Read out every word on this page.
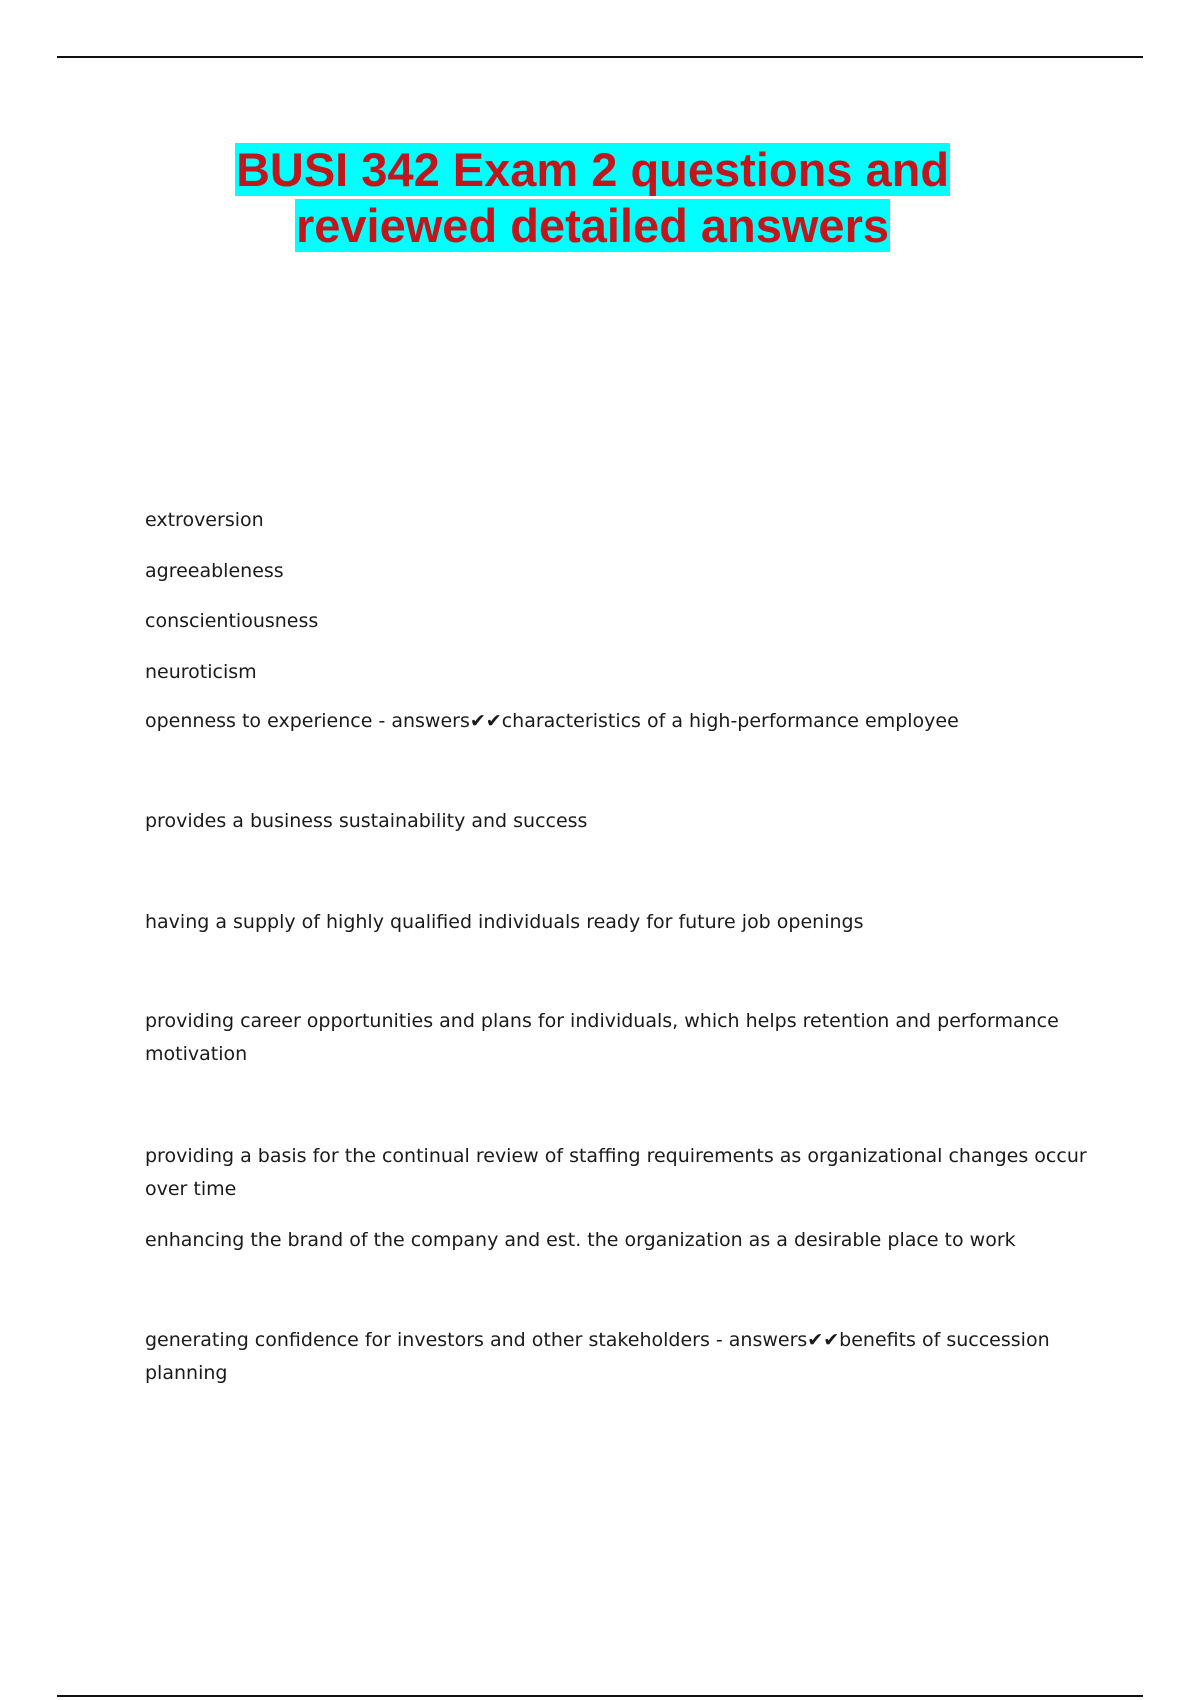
BUSI 342 Exam 2 questions and
reviewed detailed answers
extroversion
agreeableness
conscientiousness
neuroticism
openness to experience - answers✔✔characteristics of a high-performance employee
provides a business sustainability and success
having a supply of highly qualified individuals ready for future job openings
providing career opportunities and plans for individuals, which helps retention and performance motivation
providing a basis for the continual review of staffing requirements as organizational changes occur over time
enhancing the brand of the company and est. the organization as a desirable place to work
generating confidence for investors and other stakeholders - answers✔✔benefits of succession planning
